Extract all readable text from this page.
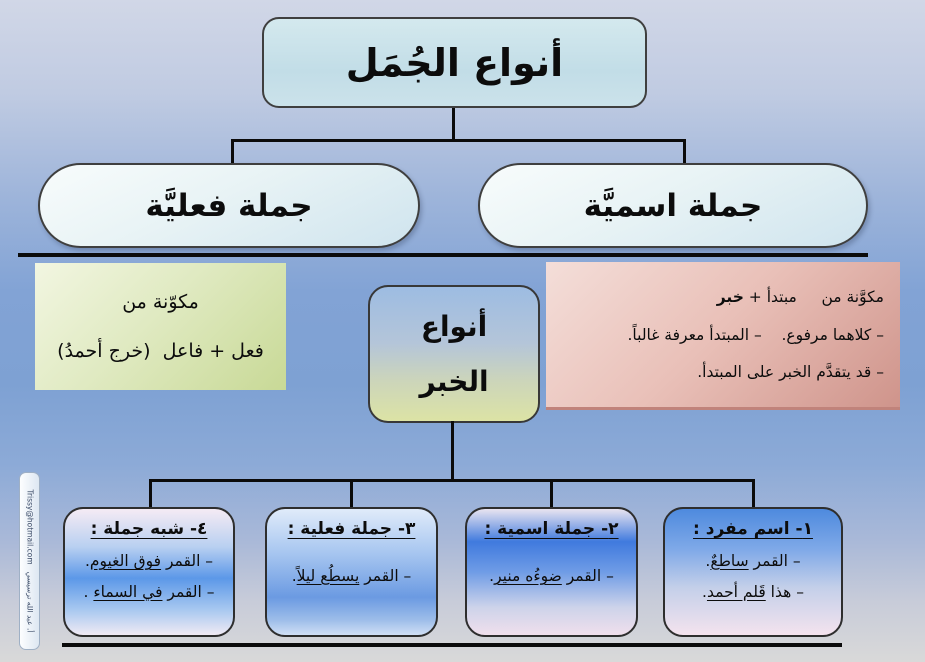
أنواع الجُمَل
جملة فعليَّة	جملة اسميَّة
مكوّنة من
فعل + فاعل  (خرج أحمدُ)
أنواع
الخبر
مكوَّنة من     مبتدأ + خبر
– كلاهما مرفوع.    – المبتدأ معرفة غالباً.
– قد يتقدَّم الخبر على المبتدأ.
١- اسم مفرد :
– القمر ساطعٌ.
– هذا قَلم أحمد.
٢- جملة اسمية :
– القمر ضوءُه منير.
٣- جملة فعلية :
– القمر يسطُع ليلاً.
٤- شبه جملة :
– القمر فوق الغيوم.
– القمر في السماء .
Trissy@hotmail.com
أ. عبد الله ترسيسي
